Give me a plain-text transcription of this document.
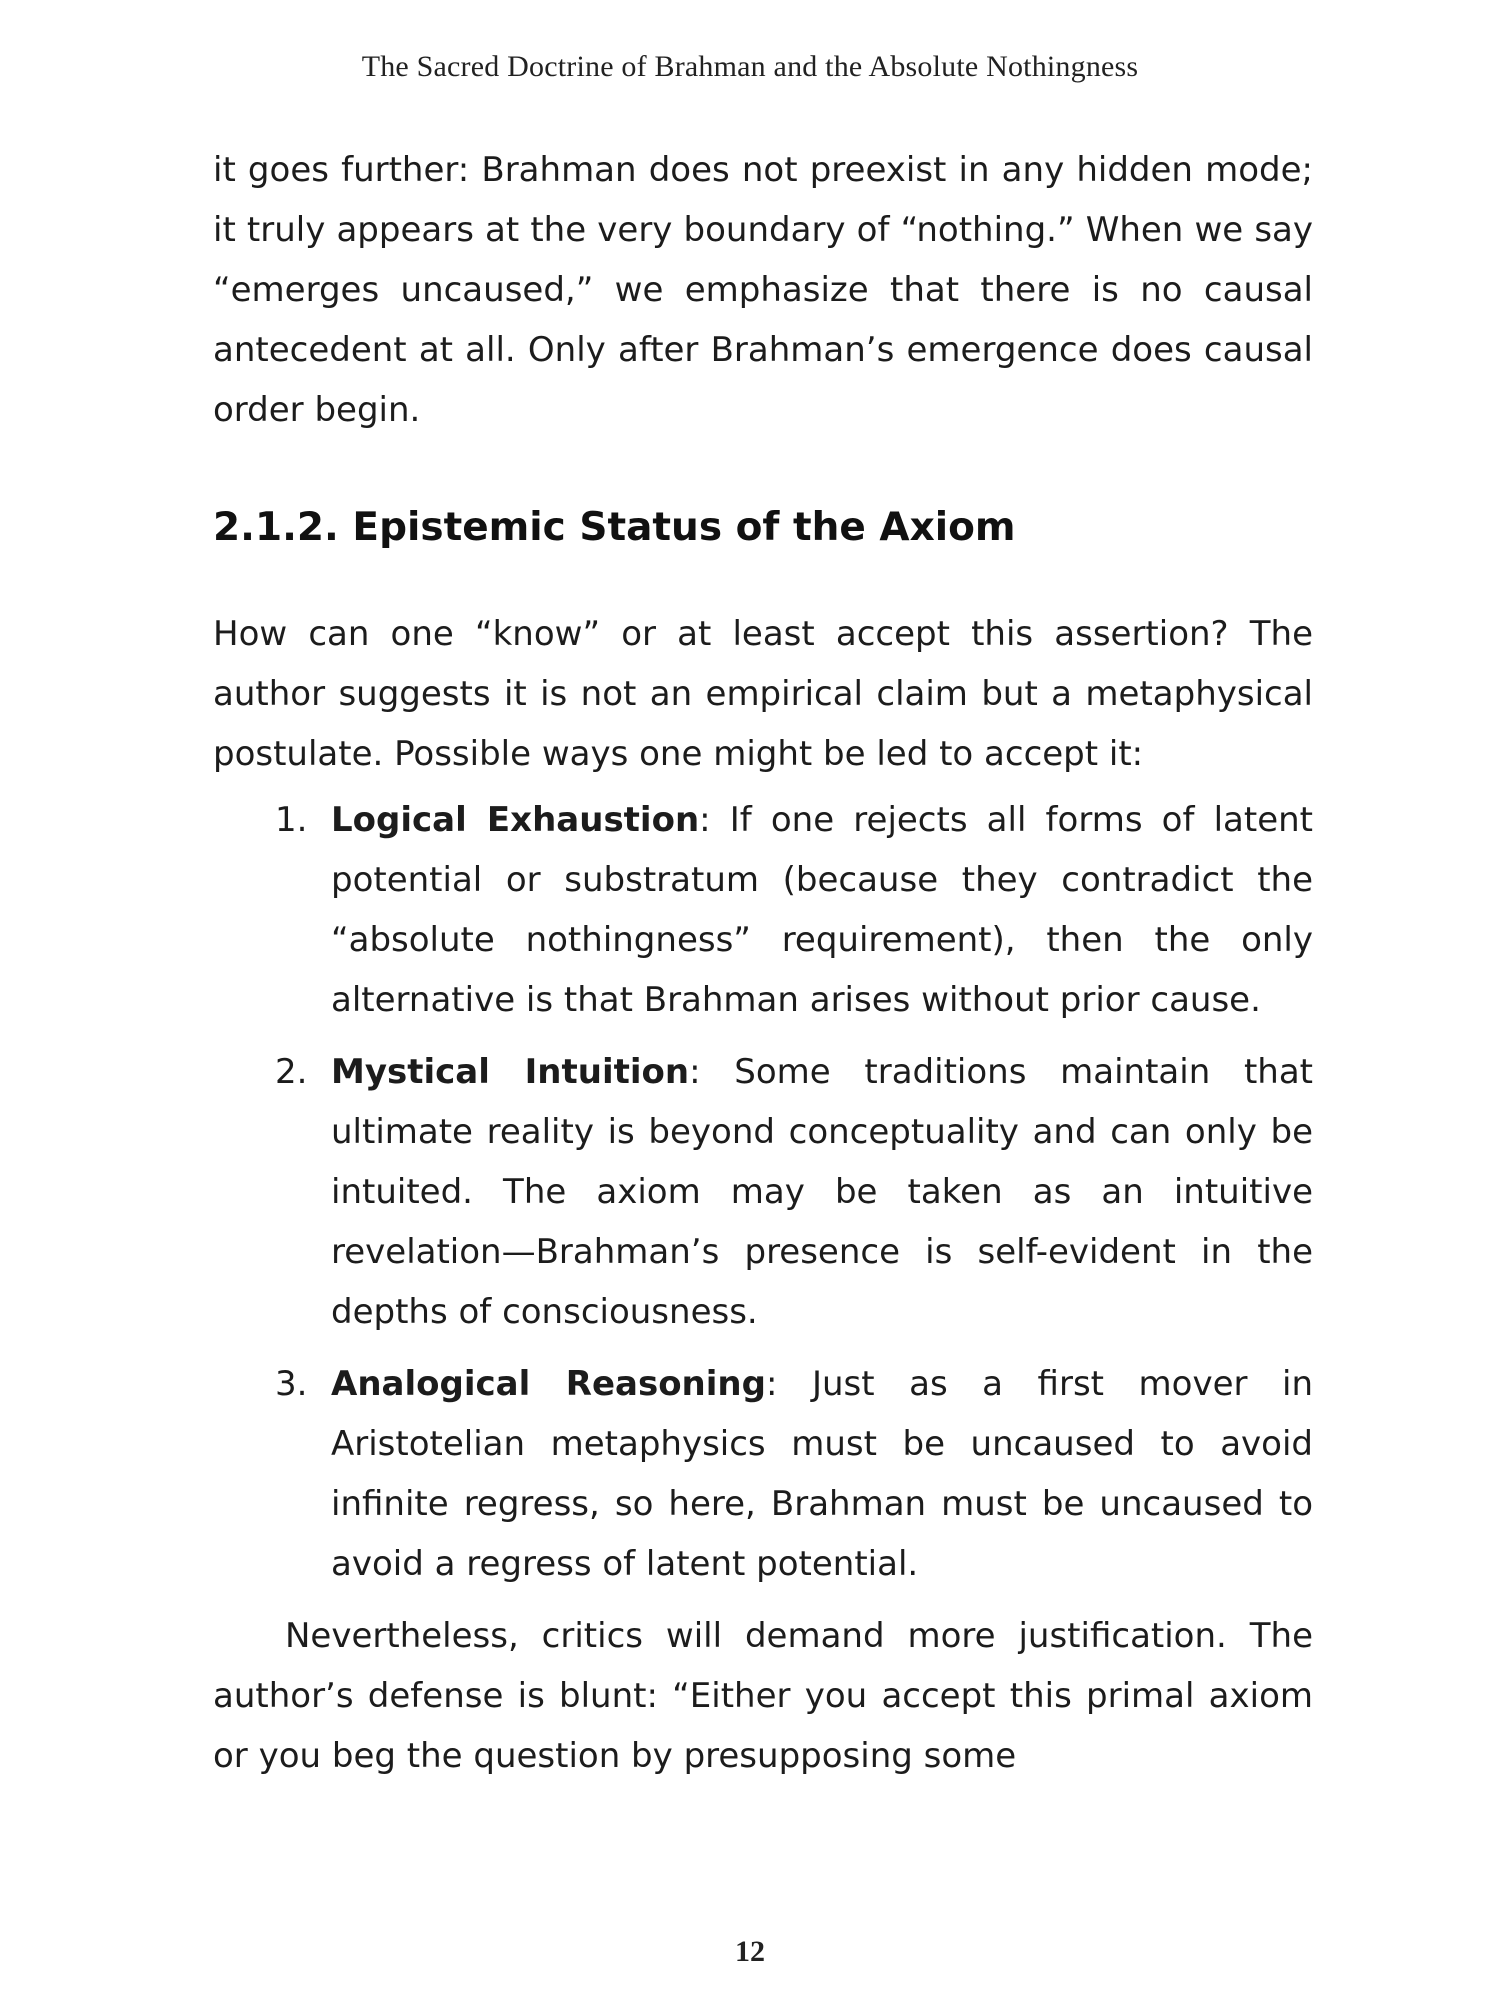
The Sacred Doctrine of Brahman and the Absolute Nothingness

it goes further: Brahman does not preexist in any hidden mode; it truly appears at the very boundary of “nothing.” When we say “emerges uncaused,” we emphasize that there is no causal antecedent at all. Only after Brahman’s emergence does causal order begin.

2.1.2. Epistemic Status of the Axiom

How can one “know” or at least accept this assertion? The author suggests it is not an empirical claim but a metaphysical postulate. Possible ways one might be led to accept it:

1. Logical Exhaustion: If one rejects all forms of latent potential or substratum (because they contradict the “absolute nothingness” requirement), then the only alternative is that Brahman arises without prior cause.
2. Mystical Intuition: Some traditions maintain that ultimate reality is beyond conceptuality and can only be intuited. The axiom may be taken as an intuitive revelation—Brahman’s presence is self-evident in the depths of consciousness.
3. Analogical Reasoning: Just as a first mover in Aristotelian metaphysics must be uncaused to avoid infinite regress, so here, Brahman must be uncaused to avoid a regress of latent potential.

Nevertheless, critics will demand more justification. The author’s defense is blunt: “Either you accept this primal axiom or you beg the question by presupposing some

12
